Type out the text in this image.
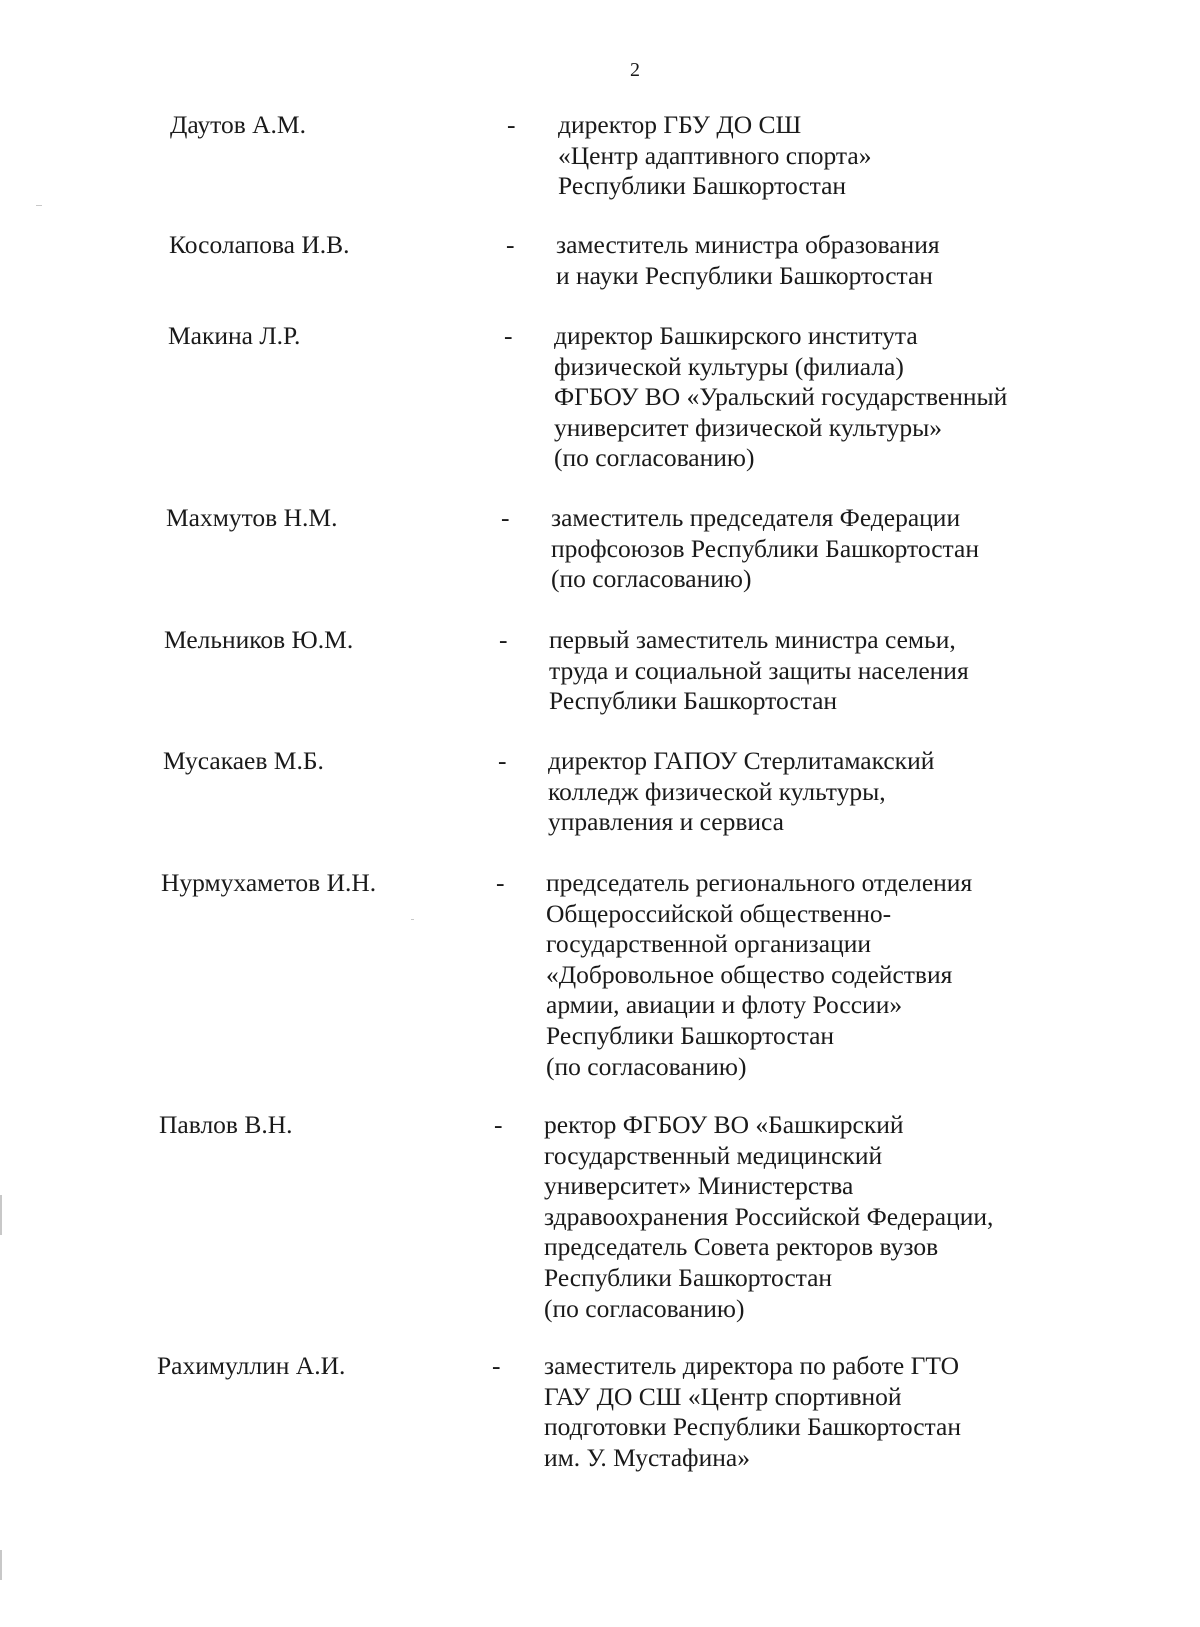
2
Даутов А.М.	- директор ГБУ ДО СШ
«Центр адаптивного спорта»
Республики Башкортостан
Косолапова И.В.	- заместитель министра образования
и науки Республики Башкортостан
Макина Л.Р.	- директор Башкирского института
физической культуры (филиала)
ФГБОУ ВО «Уральский государственный
университет физической культуры»
(по согласованию)
Махмутов Н.М.	- заместитель председателя Федерации
профсоюзов Республики Башкортостан
(по согласованию)
Мельников Ю.М.	- первый заместитель министра семьи,
труда и социальной защиты населения
Республики Башкортостан
Мусакаев М.Б.	- директор ГАПОУ Стерлитамакский
колледж физической культуры,
управления и сервиса
Нурмухаметов И.Н.	- председатель регионального отделения
Общероссийской общественно-
государственной организации
«Добровольное общество содействия
армии, авиации и флоту России»
Республики Башкортостан
(по согласованию)
Павлов В.Н.	- ректор ФГБОУ ВО «Башкирский
государственный медицинский
университет» Министерства
здравоохранения Российской Федерации,
председатель Совета ректоров вузов
Республики Башкортостан
(по согласованию)
Рахимуллин А.И.	- заместитель директора по работе ГТО
ГАУ ДО СШ «Центр спортивной
подготовки Республики Башкортостан
им. У. Мустафина»
